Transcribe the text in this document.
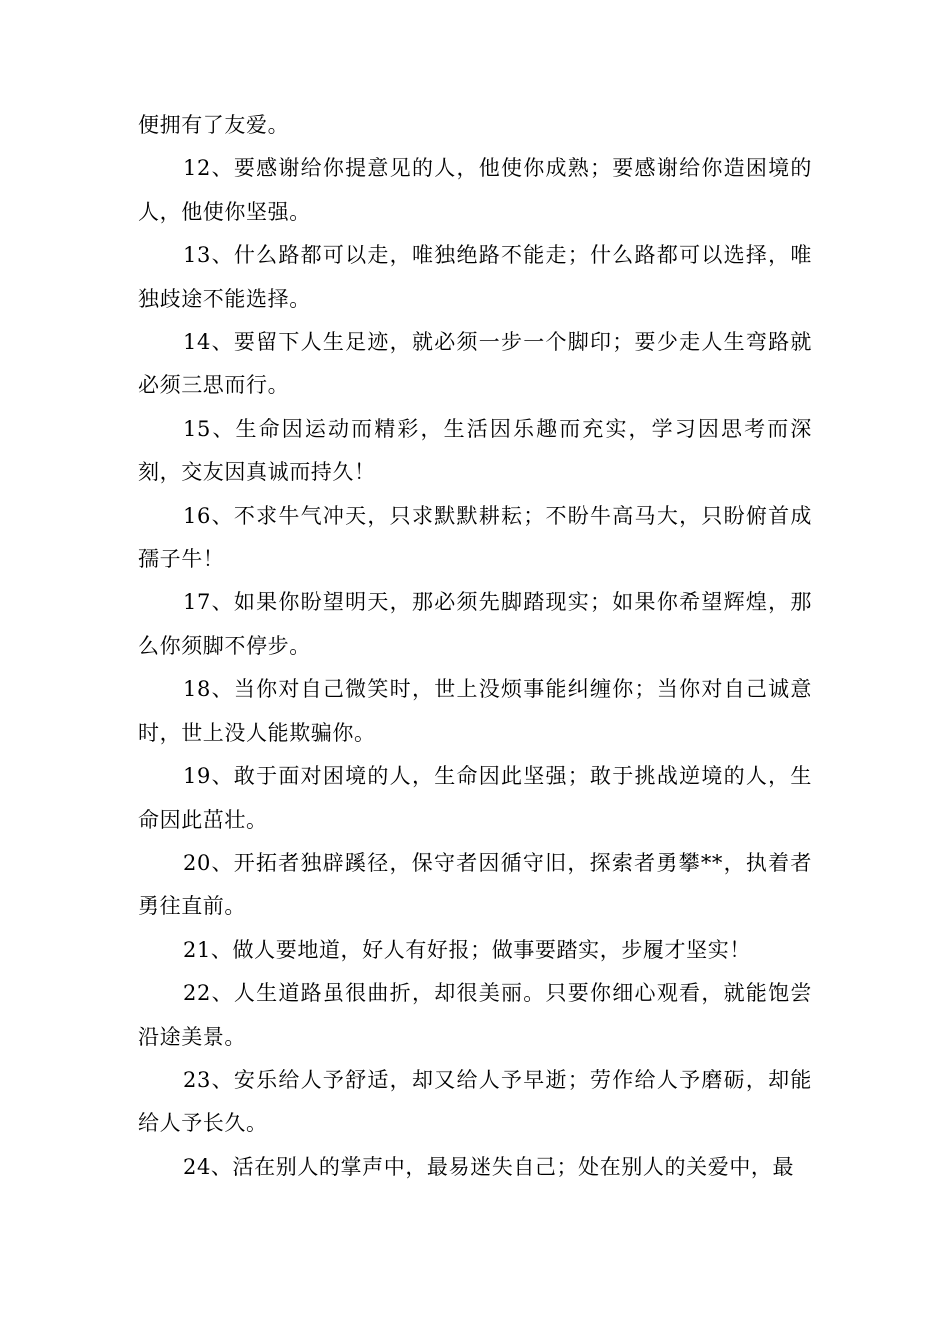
便拥有了友爱。

12、要感谢给你提意见的人，他使你成熟；要感谢给你造困境的人，他使你坚强。

13、什么路都可以走，唯独绝路不能走；什么路都可以选择，唯独歧途不能选择。

14、要留下人生足迹，就必须一步一个脚印；要少走人生弯路就必须三思而行。

15、生命因运动而精彩，生活因乐趣而充实，学习因思考而深刻，交友因真诚而持久！

16、不求牛气冲天，只求默默耕耘；不盼牛高马大，只盼俯首成孺子牛！

17、如果你盼望明天，那必须先脚踏现实；如果你希望辉煌，那么你须脚不停步。

18、当你对自己微笑时，世上没烦事能纠缠你；当你对自己诚意时，世上没人能欺骗你。

19、敢于面对困境的人，生命因此坚强；敢于挑战逆境的人，生命因此茁壮。

20、开拓者独辟蹊径，保守者因循守旧，探索者勇攀**，执着者勇往直前。

21、做人要地道，好人有好报；做事要踏实，步履才坚实！

22、人生道路虽很曲折，却很美丽。只要你细心观看，就能饱尝沿途美景。

23、安乐给人予舒适，却又给人予早逝；劳作给人予磨砺，却能给人予长久。

24、活在别人的掌声中，最易迷失自己；处在别人的关爱中，最
